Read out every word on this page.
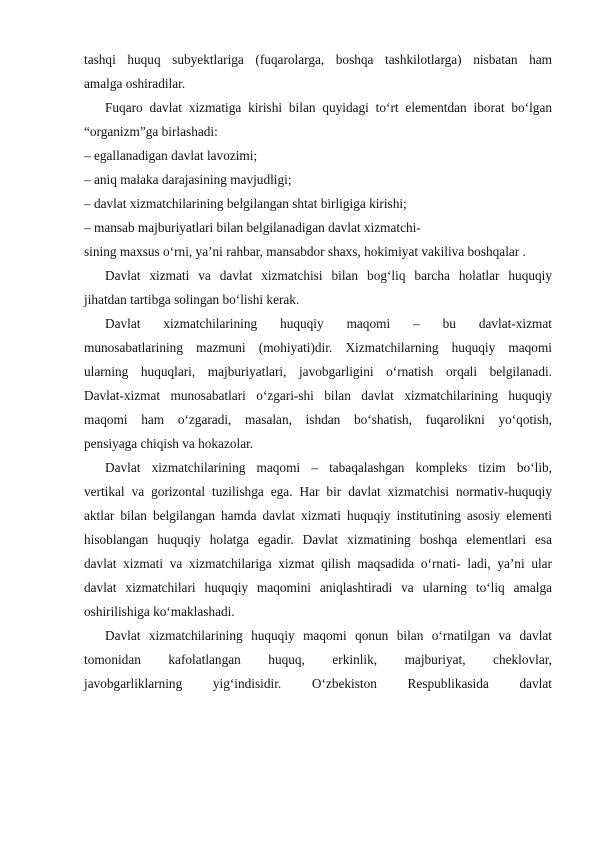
tashqi huquq subyektlariga (fuqarolarga, boshqa tashkilotlarga) nisbatan ham
amalga oshiradilar.
Fuqaro davlat xizmatiga kirishi bilan quyidagi to‘rt elementdan iborat bo‘lgan
“organizm”ga birlashadi:
– egallanadigan davlat lavozimi;
– aniq malaka darajasining mavjudligi;
– davlat xizmatchilarining belgilangan shtat birligiga kirishi;
– mansab majburiyatlari bilan belgilanadigan davlat xizmatchi-
sining maxsus o‘rni, ya’ni rahbar, mansabdor shaxs, hokimiyat vakiliva boshqalar .
Davlat xizmati va davlat xizmatchisi bilan bog‘liq barcha holatlar huquqiy
jihatdan tartibga solingan bo‘lishi kerak.
Davlat xizmatchilarining huquqiy maqomi – bu davlat-xizmat
munosabatlarining mazmuni (mohiyati)dir. Xizmatchilarning huquqiy maqomi
ularning huquqlari, majburiyatlari, javobgarligini o‘rnatish orqali belgilanadi.
Davlat-xizmat munosabatlari o‘zgari-shi bilan davlat xizmatchilarining huquqiy
maqomi ham o‘zgaradi, masalan, ishdan bo‘shatish, fuqarolikni yo‘qotish,
pensiyaga chiqish va hokazolar.
Davlat xizmatchilarining maqomi – tabaqalashgan kompleks tizim bo‘lib,
vertikal va gorizontal tuzilishga ega. Har bir davlat xizmatchisi normativ-huquqiy
aktlar bilan belgilangan hamda davlat xizmati huquqiy institutining asosiy elementi
hisoblangan huquqiy holatga egadir. Davlat xizmatining boshqa elementlari esa
davlat xizmati va xizmatchilariga xizmat qilish maqsadida o‘rnati- ladi, ya’ni ular
davlat xizmatchilari huquqiy maqomini aniqlashtiradi va ularning to‘liq amalga
oshirilishiga ko‘maklashadi.
Davlat xizmatchilarining huquqiy maqomi qonun bilan o‘rnatilgan va davlat
tomonidan kafolatlangan huquq, erkinlik, majburiyat, cheklovlar,
javobgarliklarning yig‘indisidir. O‘zbekiston Respublikasida davlat
